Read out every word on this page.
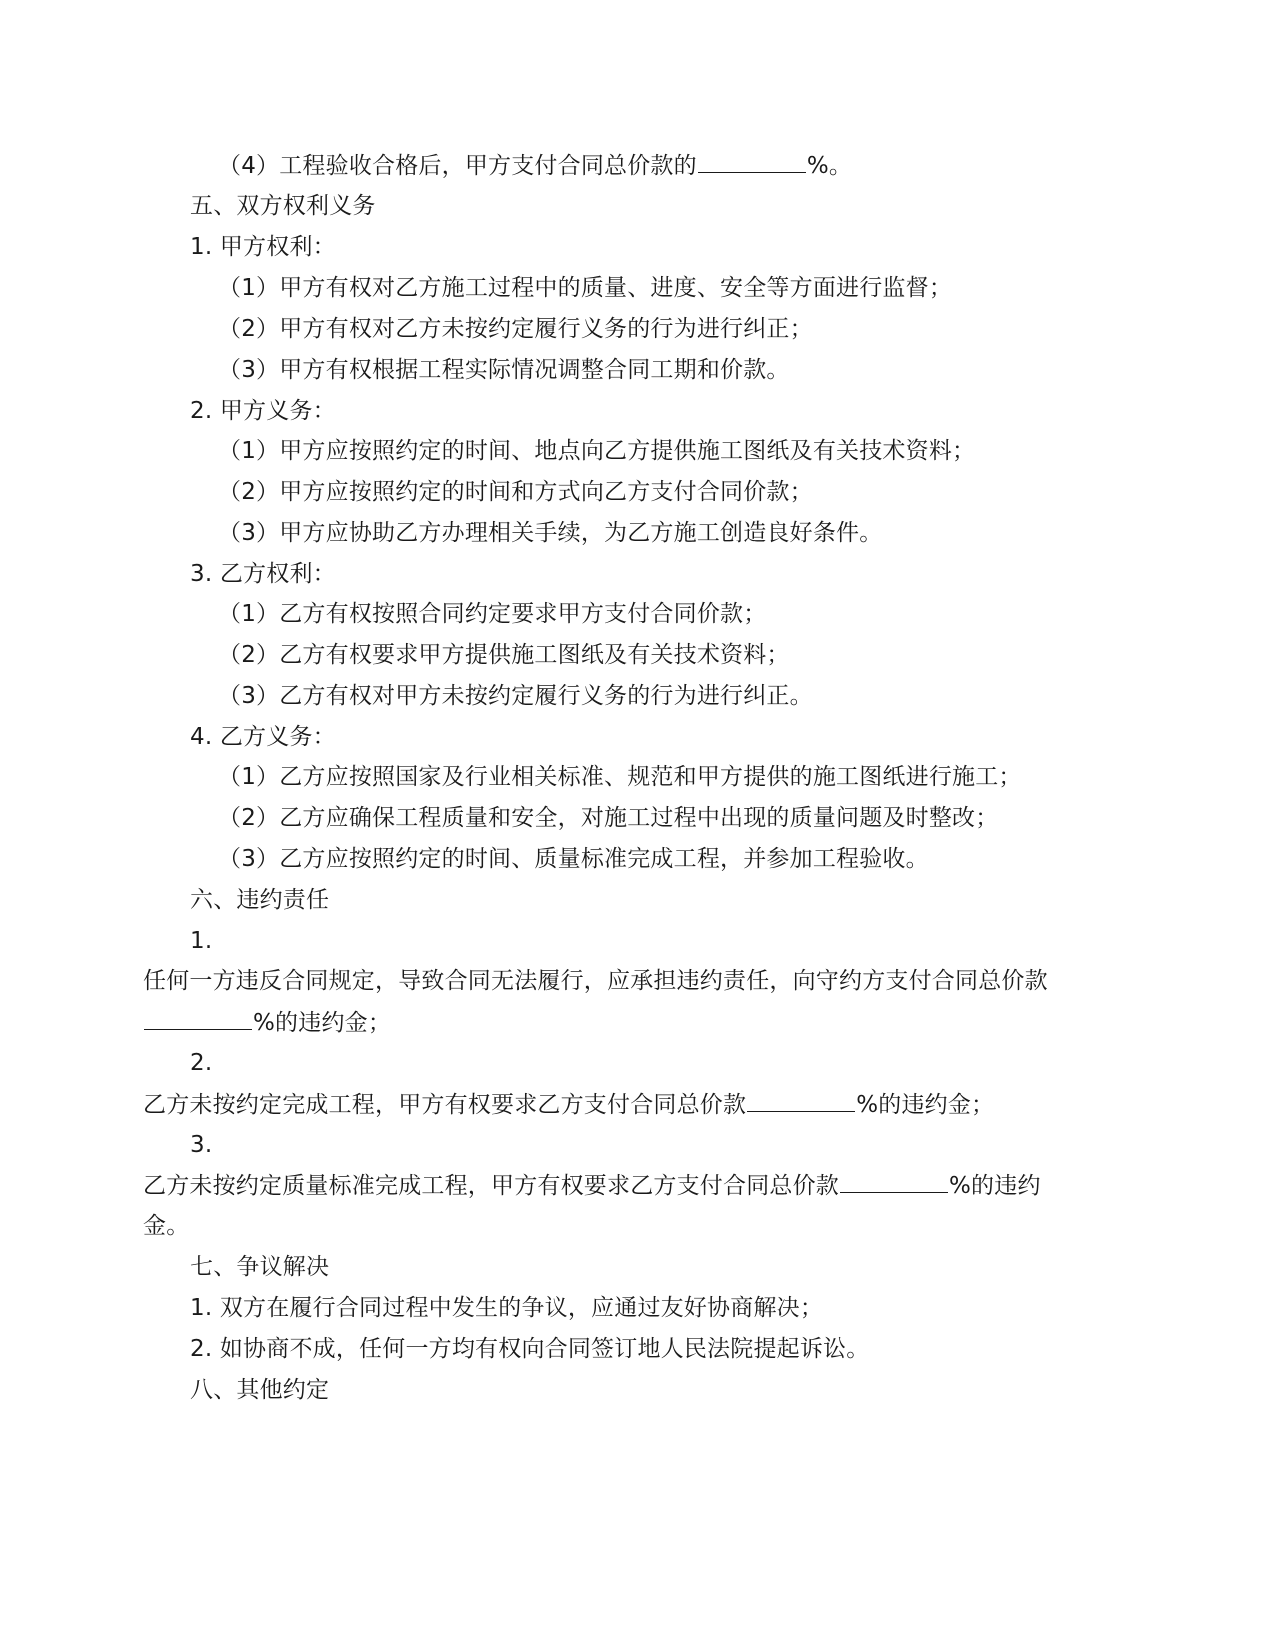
（4）工程验收合格后，甲方支付合同总价款的	%。
五、双方权利义务
1. 甲方权利：
（1）甲方有权对乙方施工过程中的质量、进度、安全等方面进行监督；
（2）甲方有权对乙方未按约定履行义务的行为进行纠正；
（3）甲方有权根据工程实际情况调整合同工期和价款。
2. 甲方义务：
（1）甲方应按照约定的时间、地点向乙方提供施工图纸及有关技术资料；
（2）甲方应按照约定的时间和方式向乙方支付合同价款；
（3）甲方应协助乙方办理相关手续，为乙方施工创造良好条件。
3. 乙方权利：
（1）乙方有权按照合同约定要求甲方支付合同价款；
（2）乙方有权要求甲方提供施工图纸及有关技术资料；
（3）乙方有权对甲方未按约定履行义务的行为进行纠正。
4. 乙方义务：
（1）乙方应按照国家及行业相关标准、规范和甲方提供的施工图纸进行施工；
（2）乙方应确保工程质量和安全，对施工过程中出现的质量问题及时整改；
（3）乙方应按照约定的时间、质量标准完成工程，并参加工程验收。
六、违约责任
1.
任何一方违反合同规定，导致合同无法履行，应承担违约责任，向守约方支付合同总价款
%的违约金；
2.
乙方未按约定完成工程，甲方有权要求乙方支付合同总价款	%的违约金；
3.
乙方未按约定质量标准完成工程，甲方有权要求乙方支付合同总价款	%的违约
金。
七、争议解决
1. 双方在履行合同过程中发生的争议，应通过友好协商解决；
2. 如协商不成，任何一方均有权向合同签订地人民法院提起诉讼。
八、其他约定
